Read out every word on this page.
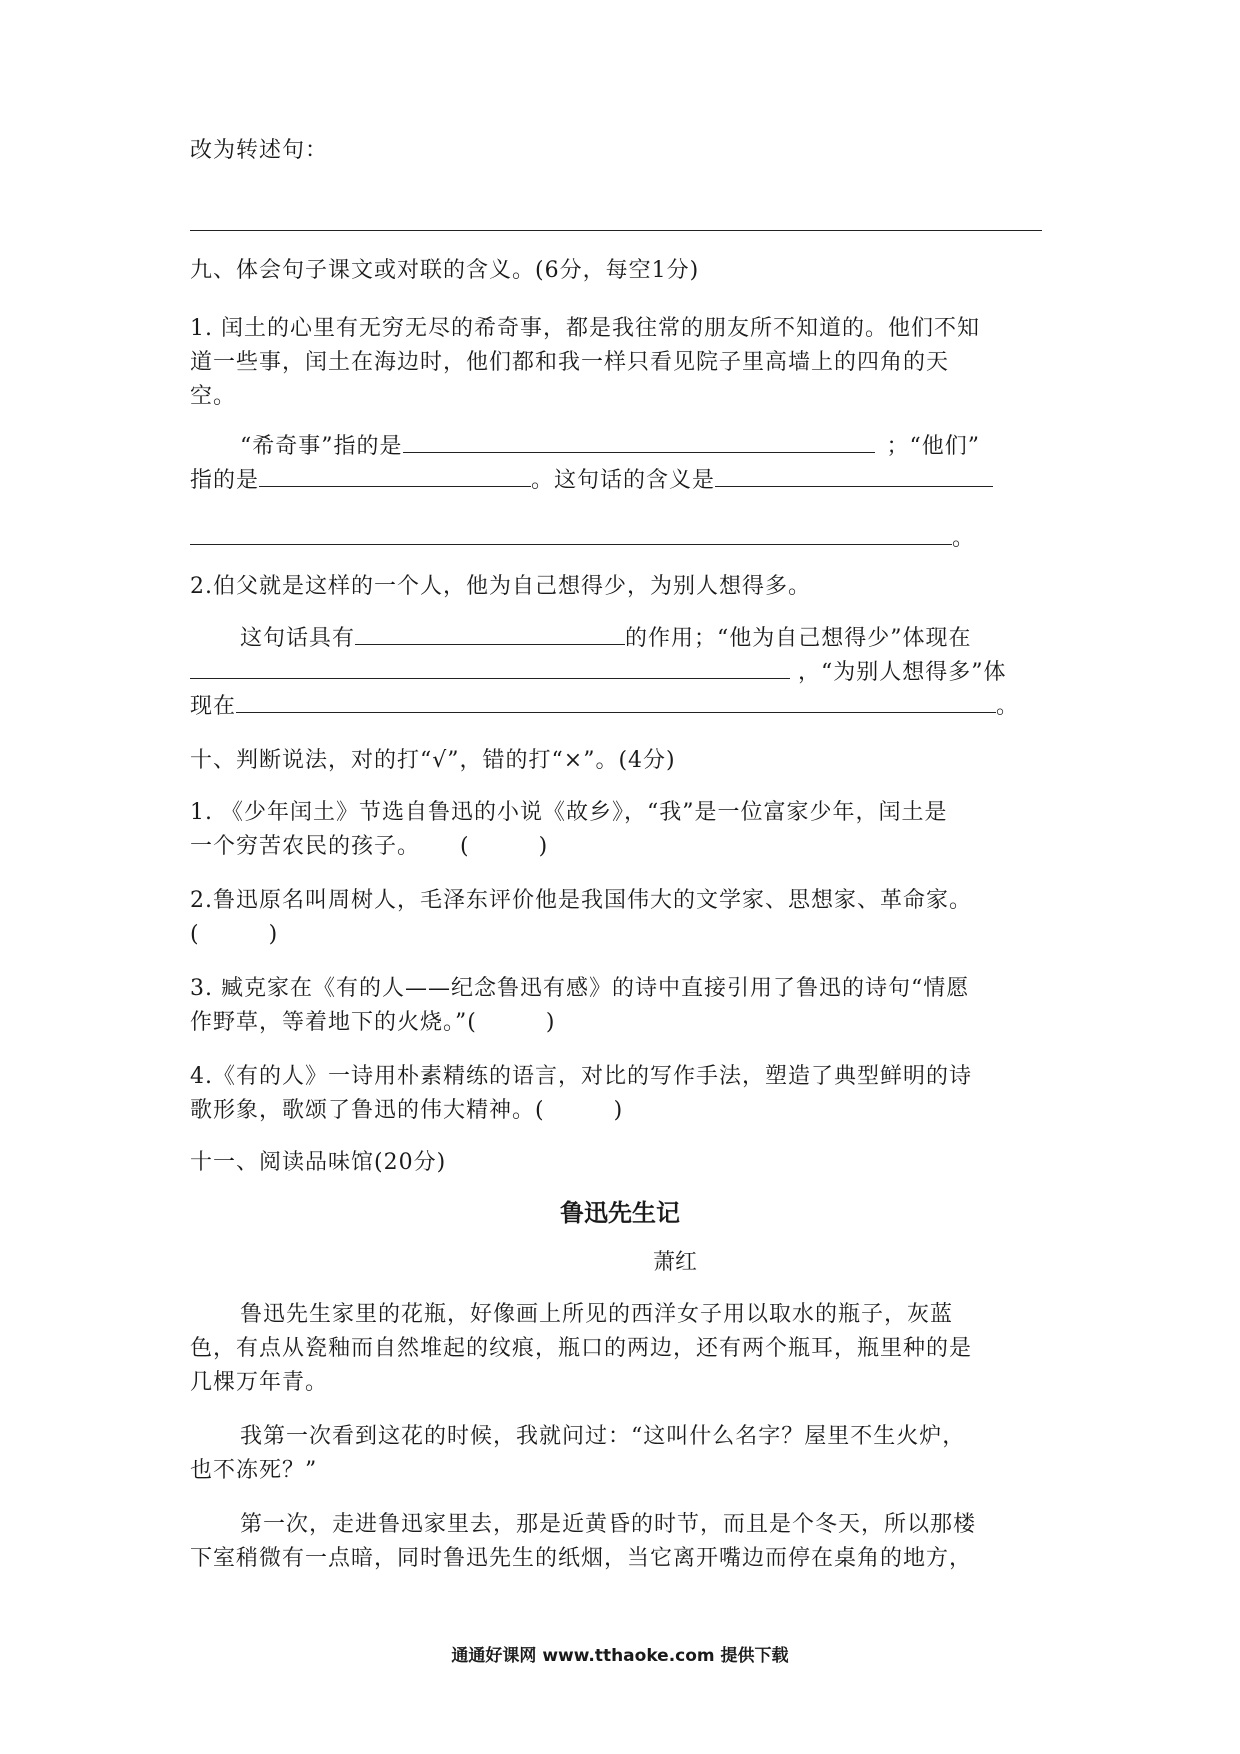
改为转述句：
九、体会句子课文或对联的含义。(6分，每空1分)
1. 闰土的心里有无穷无尽的希奇事，都是我往常的朋友所不知道的。他们不知
道一些事，闰土在海边时，他们都和我一样只看见院子里高墙上的四角的天
空。
“希奇事”指的是	；“他们”
指的是	。这句话的含义是
。
2.伯父就是这样的一个人，他为自己想得少，为别人想得多。
这句话具有	的作用；“他为自己想得少”体现在
，“为别人想得多”体
现在	。
十、判断说法，对的打“√”，错的打“×”。(4分)
1. 《少年闰土》节选自鲁迅的小说《故乡》，“我”是一位富家少年，闰土是
一个穷苦农民的孩子。 (　　　)
2.鲁迅原名叫周树人，毛泽东评价他是我国伟大的文学家、思想家、革命家。
(　　　)
3. 臧克家在《有的人——纪念鲁迅有感》的诗中直接引用了鲁迅的诗句“情愿
作野草，等着地下的火烧。”(　　　)
4.《有的人》一诗用朴素精练的语言，对比的写作手法，塑造了典型鲜明的诗
歌形象，歌颂了鲁迅的伟大精神。(　　　)
十一、阅读品味馆(20分)
鲁迅先生记
萧红
鲁迅先生家里的花瓶，好像画上所见的西洋女子用以取水的瓶子，灰蓝
色，有点从瓷釉而自然堆起的纹痕，瓶口的两边，还有两个瓶耳，瓶里种的是
几棵万年青。
我第一次看到这花的时候，我就问过：“这叫什么名字？屋里不生火炉，
也不冻死？”
第一次，走进鲁迅家里去，那是近黄昏的时节，而且是个冬天，所以那楼
下室稍微有一点暗，同时鲁迅先生的纸烟，当它离开嘴边而停在桌角的地方，
通通好课网 www.tthaoke.com 提供下载
